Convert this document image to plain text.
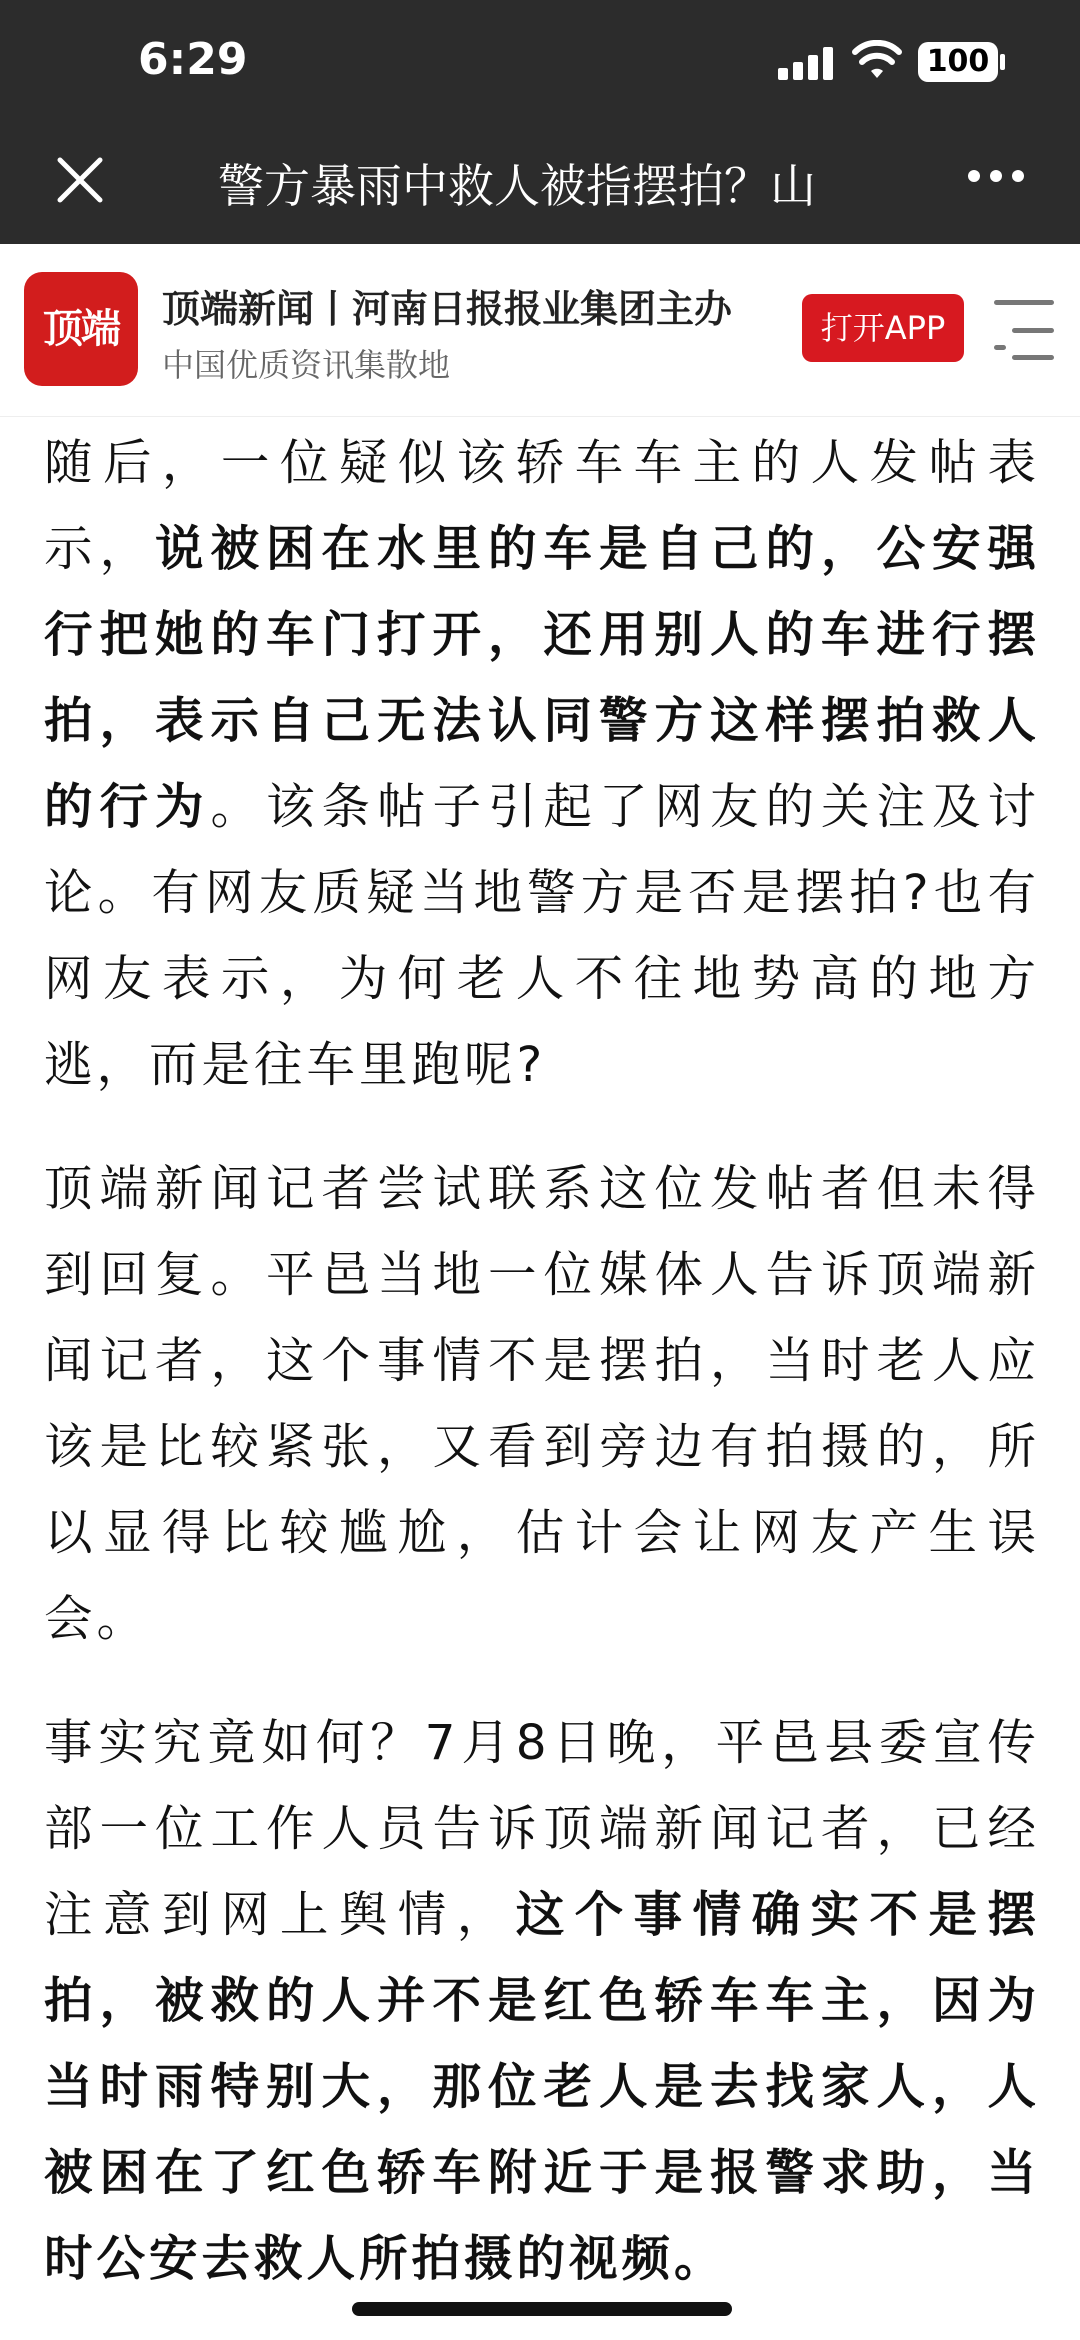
6:29	100
警方暴雨中救人被指摆拍？山
顶端	顶端新闻丨河南日报报业集团主办
中国优质资讯集散地
打开APP

随后，一位疑似该轿车车主的人发帖表示，说被困在水里的车是自己的，公安强行把她的车门打开，还用别人的车进行摆拍，表示自己无法认同警方这样摆拍救人的行为。该条帖子引起了网友的关注及讨论。有网友质疑当地警方是否是摆拍?也有网友表示，为何老人不往地势高的地方逃，而是往车里跑呢?

顶端新闻记者尝试联系这位发帖者但未得到回复。平邑当地一位媒体人告诉顶端新闻记者，这个事情不是摆拍，当时老人应该是比较紧张，又看到旁边有拍摄的，所以显得比较尴尬，估计会让网友产生误会。

事实究竟如何？7月8日晚，平邑县委宣传部一位工作人员告诉顶端新闻记者，已经注意到网上舆情，这个事情确实不是摆拍，被救的人并不是红色轿车车主，因为当时雨特别大，那位老人是去找家人，人被困在了红色轿车附近于是报警求助，当时公安去救人所拍摄的视频。
